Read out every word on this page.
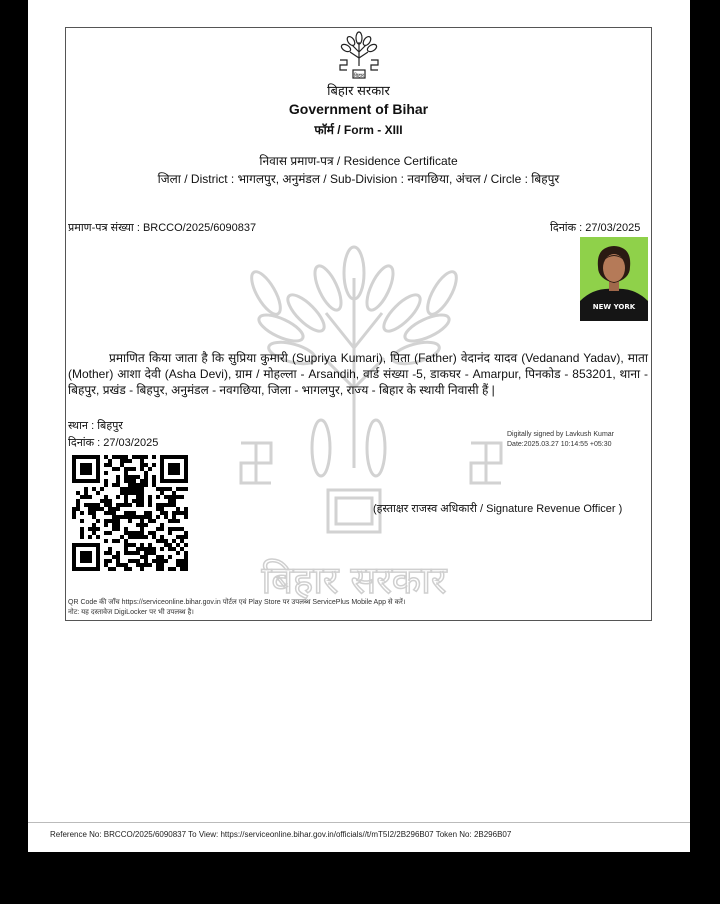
बिहार सरकार
बिहार
बिहार सरकार
Government of Bihar
फॉर्म / Form - XIII
निवास प्रमाण-पत्र / Residence Certificate
जिला / District : भागलपुर, अनुमंडल / Sub-Division : नवगछिया, अंचल / Circle : बिहपुर
प्रमाण-पत्र संख्या : BRCCO/2025/6090837	दिनांक : 27/03/2025
NEW YORK
प्रमाणित किया जाता है कि सुप्रिया कुमारी (Supriya Kumari), पिता (Father) वेदानंद यादव (Vedanand Yadav), माता (Mother) आशा देवी (Asha Devi), ग्राम / मोहल्ला - Arsandih, वार्ड संख्या -5, डाकघर - Amarpur, पिनकोड - 853201, थाना - बिहपुर, प्रखंड - बिहपुर, अनुमंडल - नवगछिया, जिला - भागलपुर, राज्य - बिहार के स्थायी निवासी हैं |
स्थान : बिहपुर
दिनांक : 27/03/2025
Digitally signed by Lavkush Kumar
Date:2025.03.27 10:14:55 +05:30
(हस्ताक्षर राजस्व अधिकारी / Signature Revenue Officer )
QR Code की जाँच https://serviceonline.bihar.gov.in पोर्टल एवं Play Store पर उपलब्ध ServicePlus Mobile App से करें।
नोट: यह दस्तावेज DigiLocker पर भी उपलब्ध है।
Reference No: BRCCO/2025/6090837 To View: https://serviceonline.bihar.gov.in/officials//t/mT5I2/2B296B07 Token No: 2B296B07
